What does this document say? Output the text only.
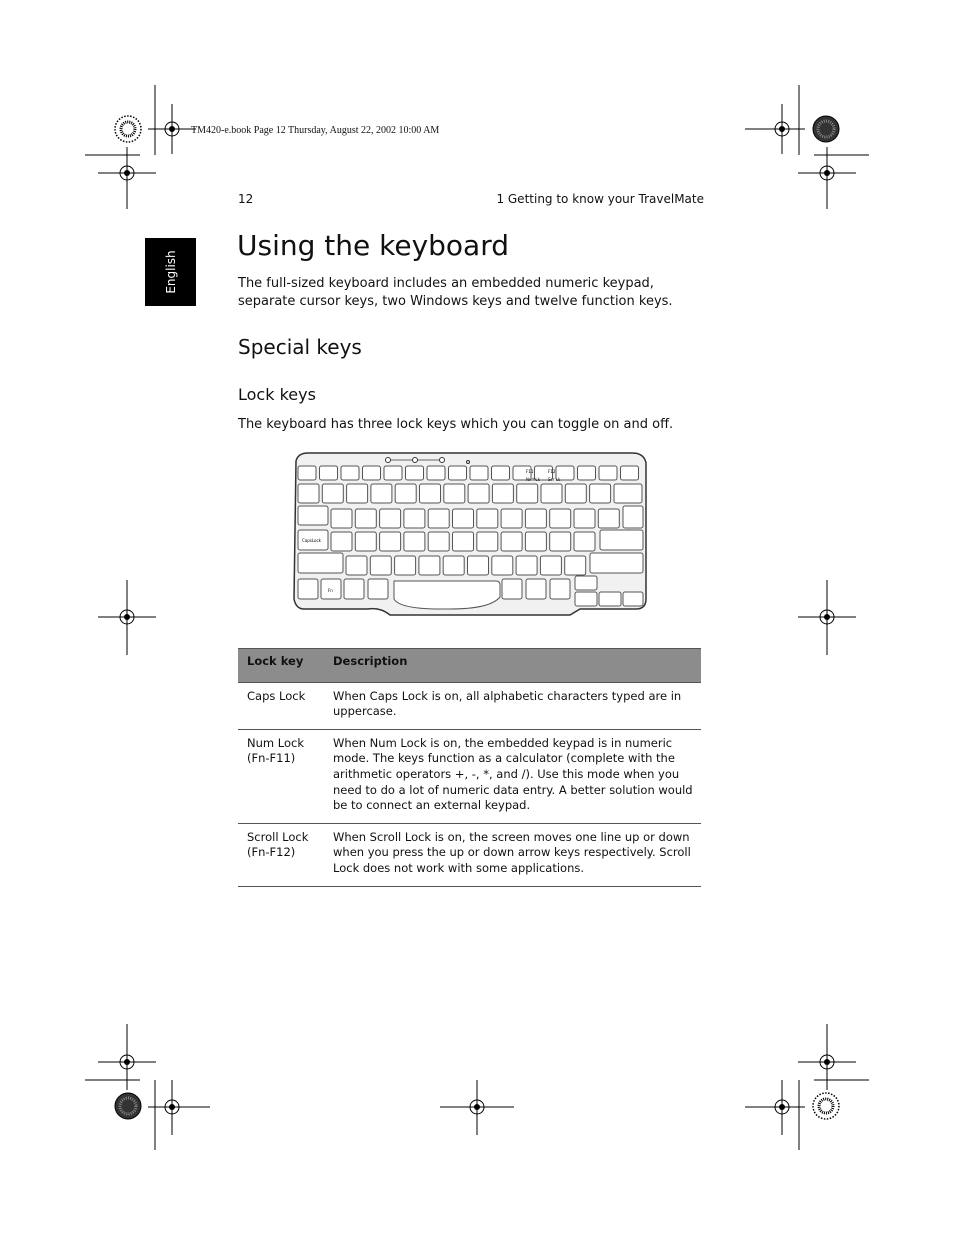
TM420-e.book Page 12 Thursday, August 22, 2002 10:00 AM
12	1 Getting to know your TravelMate
English
Using the keyboard
The full-sized keyboard includes an embedded numeric keypad, separate cursor keys, two Windows keys and twelve function keys.
Special keys
Lock keys
The keyboard has three lock keys which you can toggle on and off.
F11
NumLk
F12
Scr Lk
CapsLock
Fn
Lock key	Description

Caps Lock	When Caps Lock is on, all alphabetic characters typed are in uppercase.

Num Lock
(Fn-F11)	When Num Lock is on, the embedded keypad is in numeric mode. The keys function as a calculator (complete with the arithmetic operators +, -, *, and /). Use this mode when you need to do a lot of numeric data entry. A better solution would be to connect an external keypad.

Scroll Lock
(Fn-F12)	When Scroll Lock is on, the screen moves one line up or down when you press the up or down arrow keys respectively. Scroll Lock does not work with some applications.
